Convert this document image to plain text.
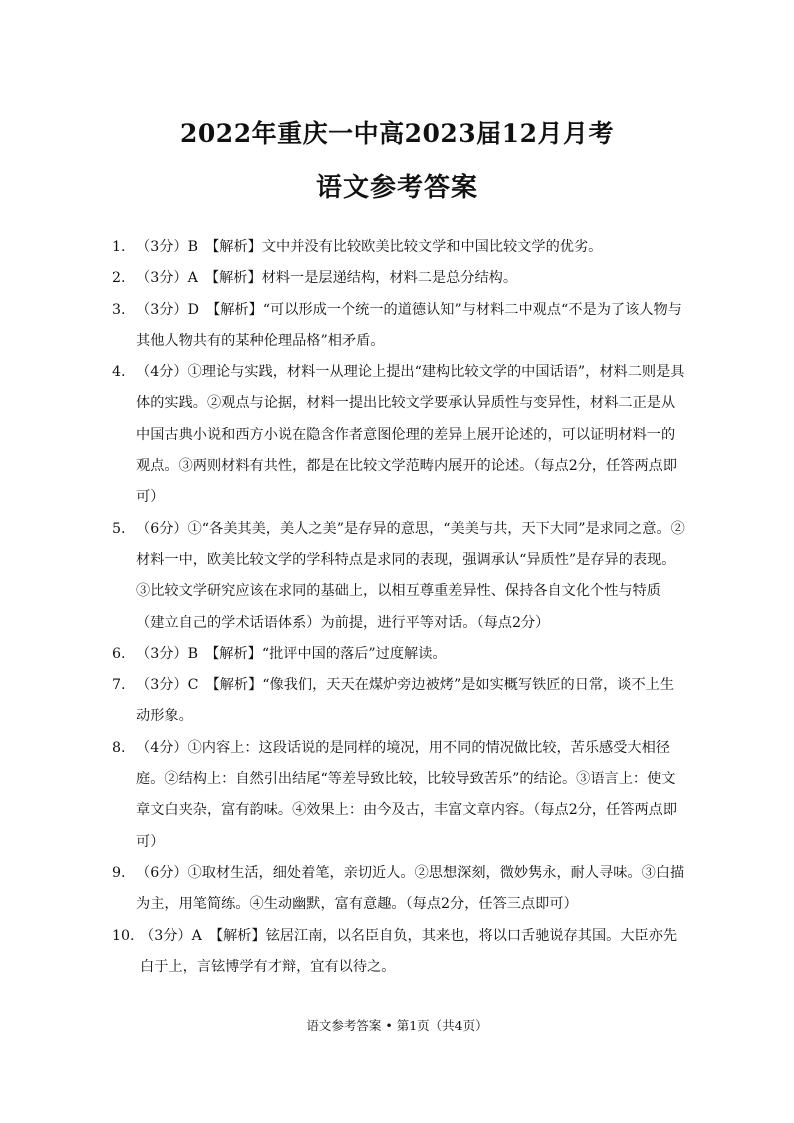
2022年重庆一中高2023届12月月考
语文参考答案
1. （3分）B　【解析】文中并没有比较欧美比较文学和中国比较文学的优劣。
2. （3分）A　【解析】材料一是层递结构，材料二是总分结构。
3. （3分）D　【解析】“可以形成一个统一的道德认知”与材料二中观点“不是为了该人物与其他人物共有的某种伦理品格”相矛盾。
4. （4分）①理论与实践，材料一从理论上提出“建构比较文学的中国话语”，材料二则是具体的实践。②观点与论据，材料一提出比较文学要承认异质性与变异性，材料二正是从中国古典小说和西方小说在隐含作者意图伦理的差异上展开论述的，可以证明材料一的观点。③两则材料有共性，都是在比较文学范畴内展开的论述。（每点2分，任答两点即可）
5. （6分）①“各美其美，美人之美”是存异的意思，“美美与共，天下大同”是求同之意。②材料一中，欧美比较文学的学科特点是求同的表现，强调承认“异质性”是存异的表现。③比较文学研究应该在求同的基础上，以相互尊重差异性、保持各自文化个性与特质（建立自己的学术话语体系）为前提，进行平等对话。（每点2分）
6. （3分）B　【解析】“批评中国的落后”过度解读。
7. （3分）C　【解析】“像我们，天天在煤炉旁边被烤”是如实概写铁匠的日常，谈不上生动形象。
8. （4分）①内容上：这段话说的是同样的境况，用不同的情况做比较，苦乐感受大相径庭。②结构上：自然引出结尾“等差导致比较，比较导致苦乐”的结论。③语言上：使文章文白夹杂，富有韵味。④效果上：由今及古，丰富文章内容。（每点2分，任答两点即可）
9. （6分）①取材生活，细处着笔，亲切近人。②思想深刻，微妙隽永，耐人寻味。③白描为主，用笔简练。④生动幽默，富有意趣。（每点2分，任答三点即可）
10. （3分）A　【解析】铉居江南，以名臣自负，其来也，将以口舌驰说存其国。大臣亦先白于上，言铉博学有才辩，宜有以待之。
语文参考答案 • 第1页（共4页）
